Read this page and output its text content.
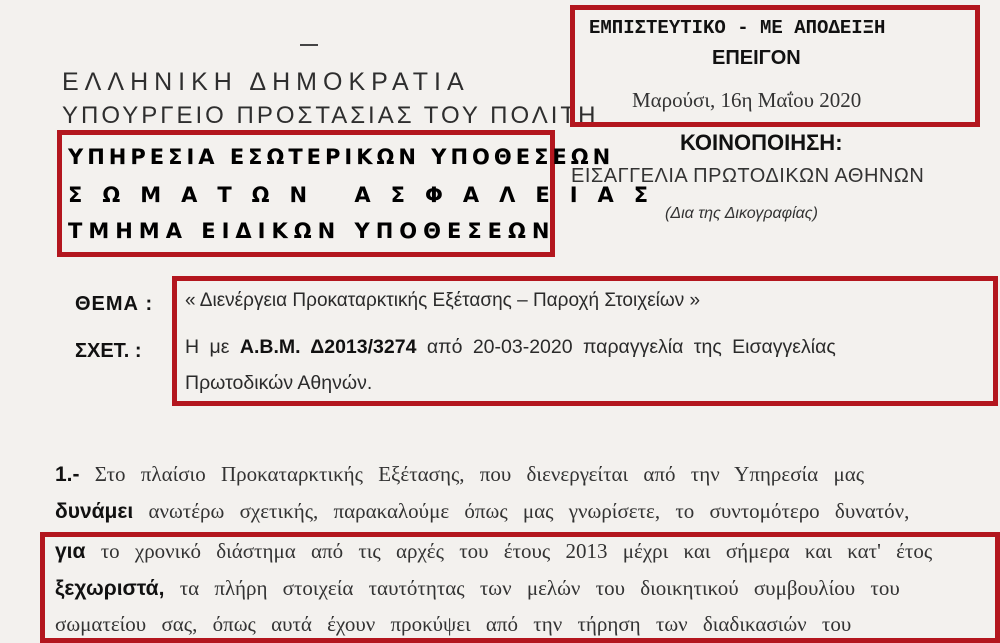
ΕΛΛΗΝΙΚΗ ΔΗΜΟΚΡΑΤΙΑ
ΥΠΟΥΡΓΕΙΟ ΠΡΟΣΤΑΣΙΑΣ ΤΟΥ ΠΟΛΙΤΗ
ΕΜΠΙΣΤΕΥΤΙΚΟ - ΜΕ ΑΠΟΔΕΙΞΗ
ΕΠΕΙΓΟΝ
Μαρούσι, 16η Μαΐου 2020
ΥΠΗΡΕΣΙΑ ΕΣΩΤΕΡΙΚΩΝ ΥΠΟΘΕΣΕΩΝ
ΣΩΜΑΤΩΝ ΑΣΦΑΛΕΙΑΣ
ΤΜΗΜΑ ΕΙΔΙΚΩΝ ΥΠΟΘΕΣΕΩΝ
ΚΟΙΝΟΠΟΙΗΣΗ:
ΕΙΣΑΓΓΕΛΙΑ ΠΡΩΤΟΔΙΚΩΝ ΑΘΗΝΩΝ
(Δια της Δικογραφίας)
ΘΕΜΑ : « Διενέργεια Προκαταρκτικής Εξέτασης – Παροχή Στοιχείων »
ΣΧΕΤ. : Η με Α.Β.Μ. Δ2013/3274 από 20-03-2020 παραγγελία της Εισαγγελίας
Πρωτοδικών Αθηνών.
1.- Στο πλαίσιο Προκαταρκτικής Εξέτασης, που διενεργείται από την Υπηρεσία μας
δυνάμει ανωτέρω σχετικής, παρακαλούμε όπως μας γνωρίσετε, το συντομότερο δυνατόν,
για το χρονικό διάστημα από τις αρχές του έτους 2013 μέχρι και σήμερα και κατ' έτος
ξεχωριστά, τα πλήρη στοιχεία ταυτότητας των μελών του διοικητικού συμβουλίου του
σωματείου σας, όπως αυτά έχουν προκύψει από την τήρηση των διαδικασιών του
